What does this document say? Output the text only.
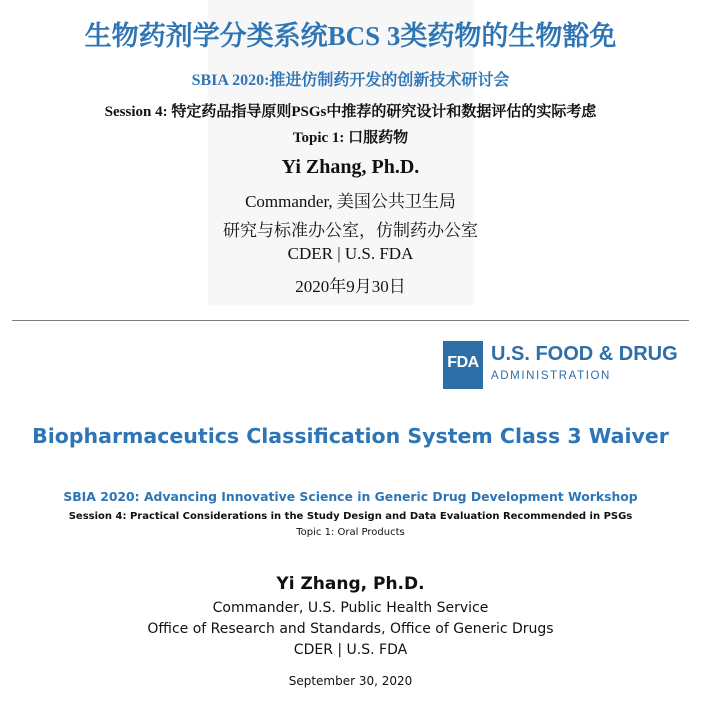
生物药剂学分类系统BCS 3类药物的生物豁免
SBIA 2020:推进仿制药开发的创新技术研讨会
Session 4: 特定药品指导原则PSGs中推荐的研究设计和数据评估的实际考虑
Topic 1: 口服药物
Yi Zhang, Ph.D.
Commander, 美国公共卫生局
研究与标准办公室，仿制药办公室
CDER | U.S. FDA
2020年9月30日
FDA U.S. FOOD & DRUG
ADMINISTRATION
Biopharmaceutics Classification System Class 3 Waiver
SBIA 2020: Advancing Innovative Science in Generic Drug Development Workshop
Session 4: Practical Considerations in the Study Design and Data Evaluation Recommended in PSGs
Topic 1: Oral Products
Yi Zhang, Ph.D.
Commander, U.S. Public Health Service
Office of Research and Standards, Office of Generic Drugs
CDER | U.S. FDA
September 30, 2020
